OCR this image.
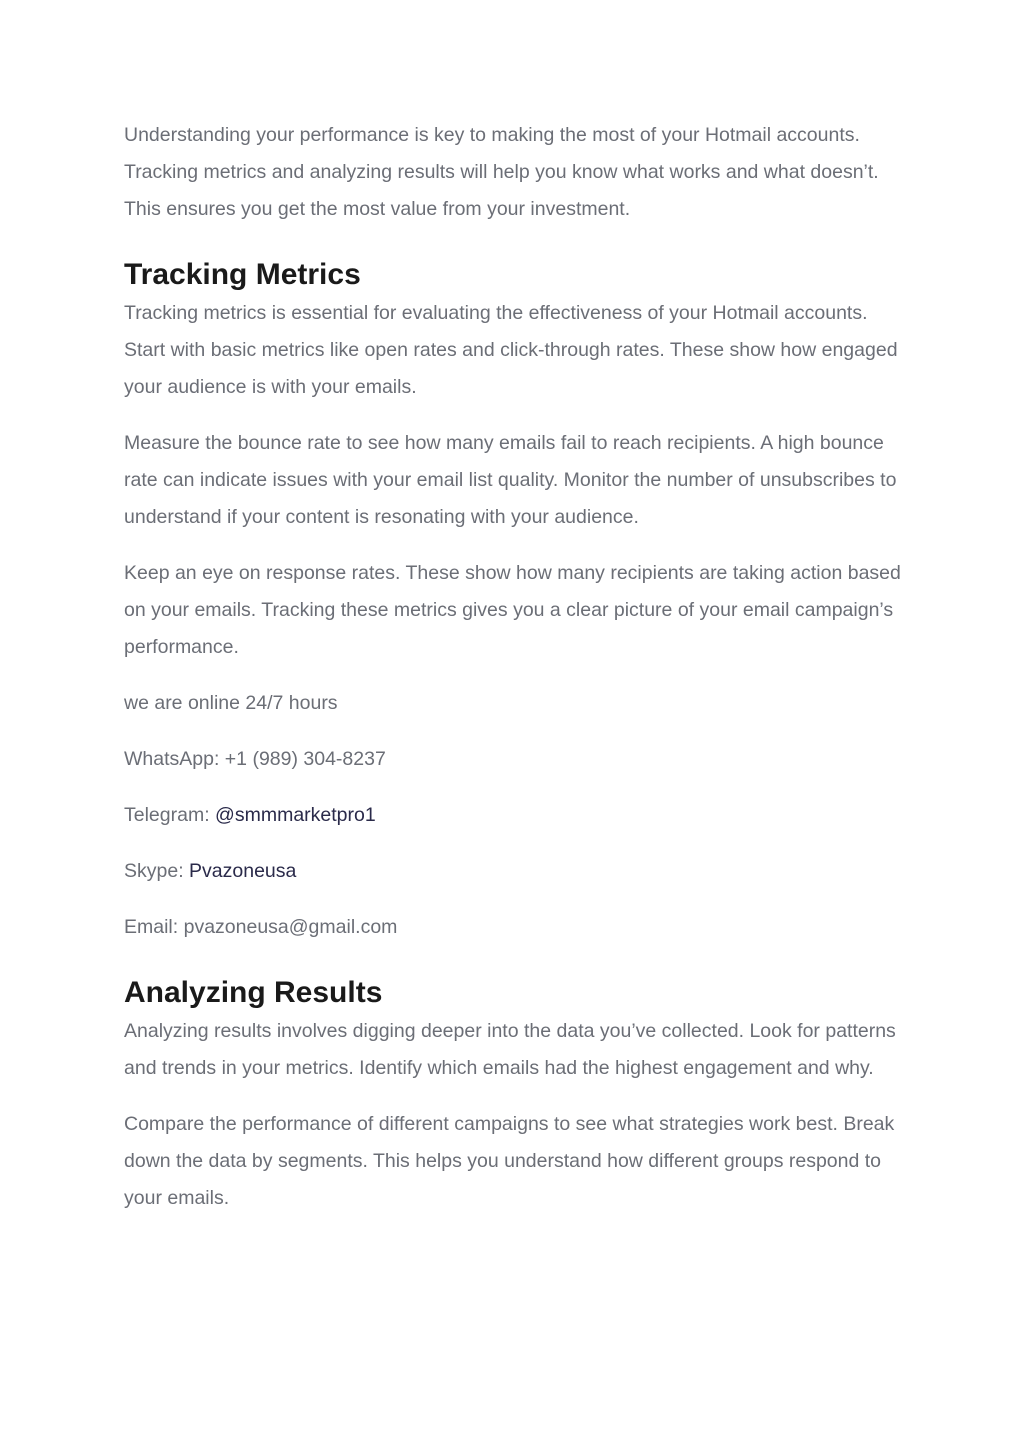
Understanding your performance is key to making the most of your Hotmail accounts. Tracking metrics and analyzing results will help you know what works and what doesn’t. This ensures you get the most value from your investment.

Tracking Metrics

Tracking metrics is essential for evaluating the effectiveness of your Hotmail accounts. Start with basic metrics like open rates and click-through rates. These show how engaged your audience is with your emails.

Measure the bounce rate to see how many emails fail to reach recipients. A high bounce rate can indicate issues with your email list quality. Monitor the number of unsubscribes to understand if your content is resonating with your audience.

Keep an eye on response rates. These show how many recipients are taking action based on your emails. Tracking these metrics gives you a clear picture of your email campaign’s performance.

we are online 24/7 hours

WhatsApp: +1 (989) 304-8237

Telegram: @smmmarketpro1

Skype: Pvazoneusa

Email: pvazoneusa@gmail.com

Analyzing Results

Analyzing results involves digging deeper into the data you’ve collected. Look for patterns and trends in your metrics. Identify which emails had the highest engagement and why.

Compare the performance of different campaigns to see what strategies work best. Break down the data by segments. This helps you understand how different groups respond to your emails.
